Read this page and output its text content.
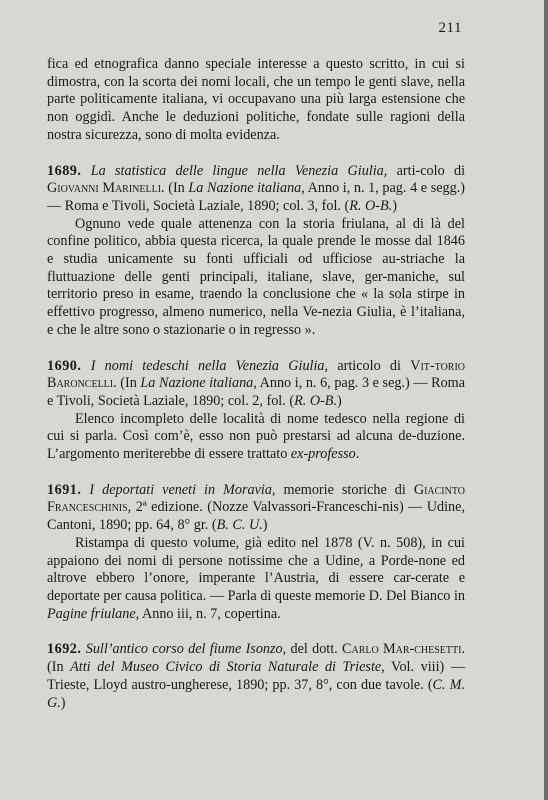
211

fica ed etnografica danno speciale interesse a questo scritto, in cui si dimostra, con la scorta dei nomi locali, che un tempo le genti slave, nella parte politicamente italiana, vi occupavano una più larga estensione che non oggidì. Anche le deduzioni politiche, fondate sulle ragioni della nostra sicurezza, sono di molta evidenza.

1689. La statistica delle lingue nella Venezia Giulia, arti-colo di Giovanni Marinelli. (In La Nazione italiana, Anno i, n. 1, pag. 4 e segg.) — Roma e Tivoli, Società Laziale, 1890; col. 3, fol. (R. O-B.)

Ognuno vede quale attenenza con la storia friulana, al di là del confine politico, abbia questa ricerca, la quale prende le mosse dal 1846 e studia unicamente su fonti ufficiali od ufficiose au-striache la fluttuazione delle genti principali, italiane, slave, ger-maniche, sul territorio preso in esame, traendo la conclusione che « la sola stirpe in effettivo progresso, almeno numerico, nella Ve-nezia Giulia, è l’italiana, e che le altre sono o stazionarie o in regresso ».

1690. I nomi tedeschi nella Venezia Giulia, articolo di Vit-torio Baroncelli. (In La Nazione italiana, Anno i, n. 6, pag. 3 e seg.) — Roma e Tivoli, Società Laziale, 1890; col. 2, fol. (R. O-B.)

Elenco incompleto delle località di nome tedesco nella regione di cui si parla. Così com’è, esso non può prestarsi ad alcuna de-duzione. L’argomento meriterebbe di essere trattato ex-professo.

1691. I deportati veneti in Moravia, memorie storiche di Giacinto Franceschinis, 2ª edizione. (Nozze Valvassori-Franceschi-nis) — Udine, Cantoni, 1890; pp. 64, 8° gr. (B. C. U.)

Ristampa di questo volume, già edito nel 1878 (V. n. 508), in cui appaiono dei nomi di persone notissime che a Udine, a Porde-none ed altrove ebbero l’onore, imperante l’Austria, di essere car-cerate e deportate per causa politica. — Parla di queste memorie D. Del Bianco in Pagine friulane, Anno iii, n. 7, copertina.

1692. Sull’antico corso del fiume Isonzo, del dott. Carlo Mar-chesetti. (In Atti del Museo Civico di Storia Naturale di Trieste, Vol. viii) — Trieste, Lloyd austro-ungherese, 1890; pp. 37, 8°, con due tavole. (C. M. G.)
